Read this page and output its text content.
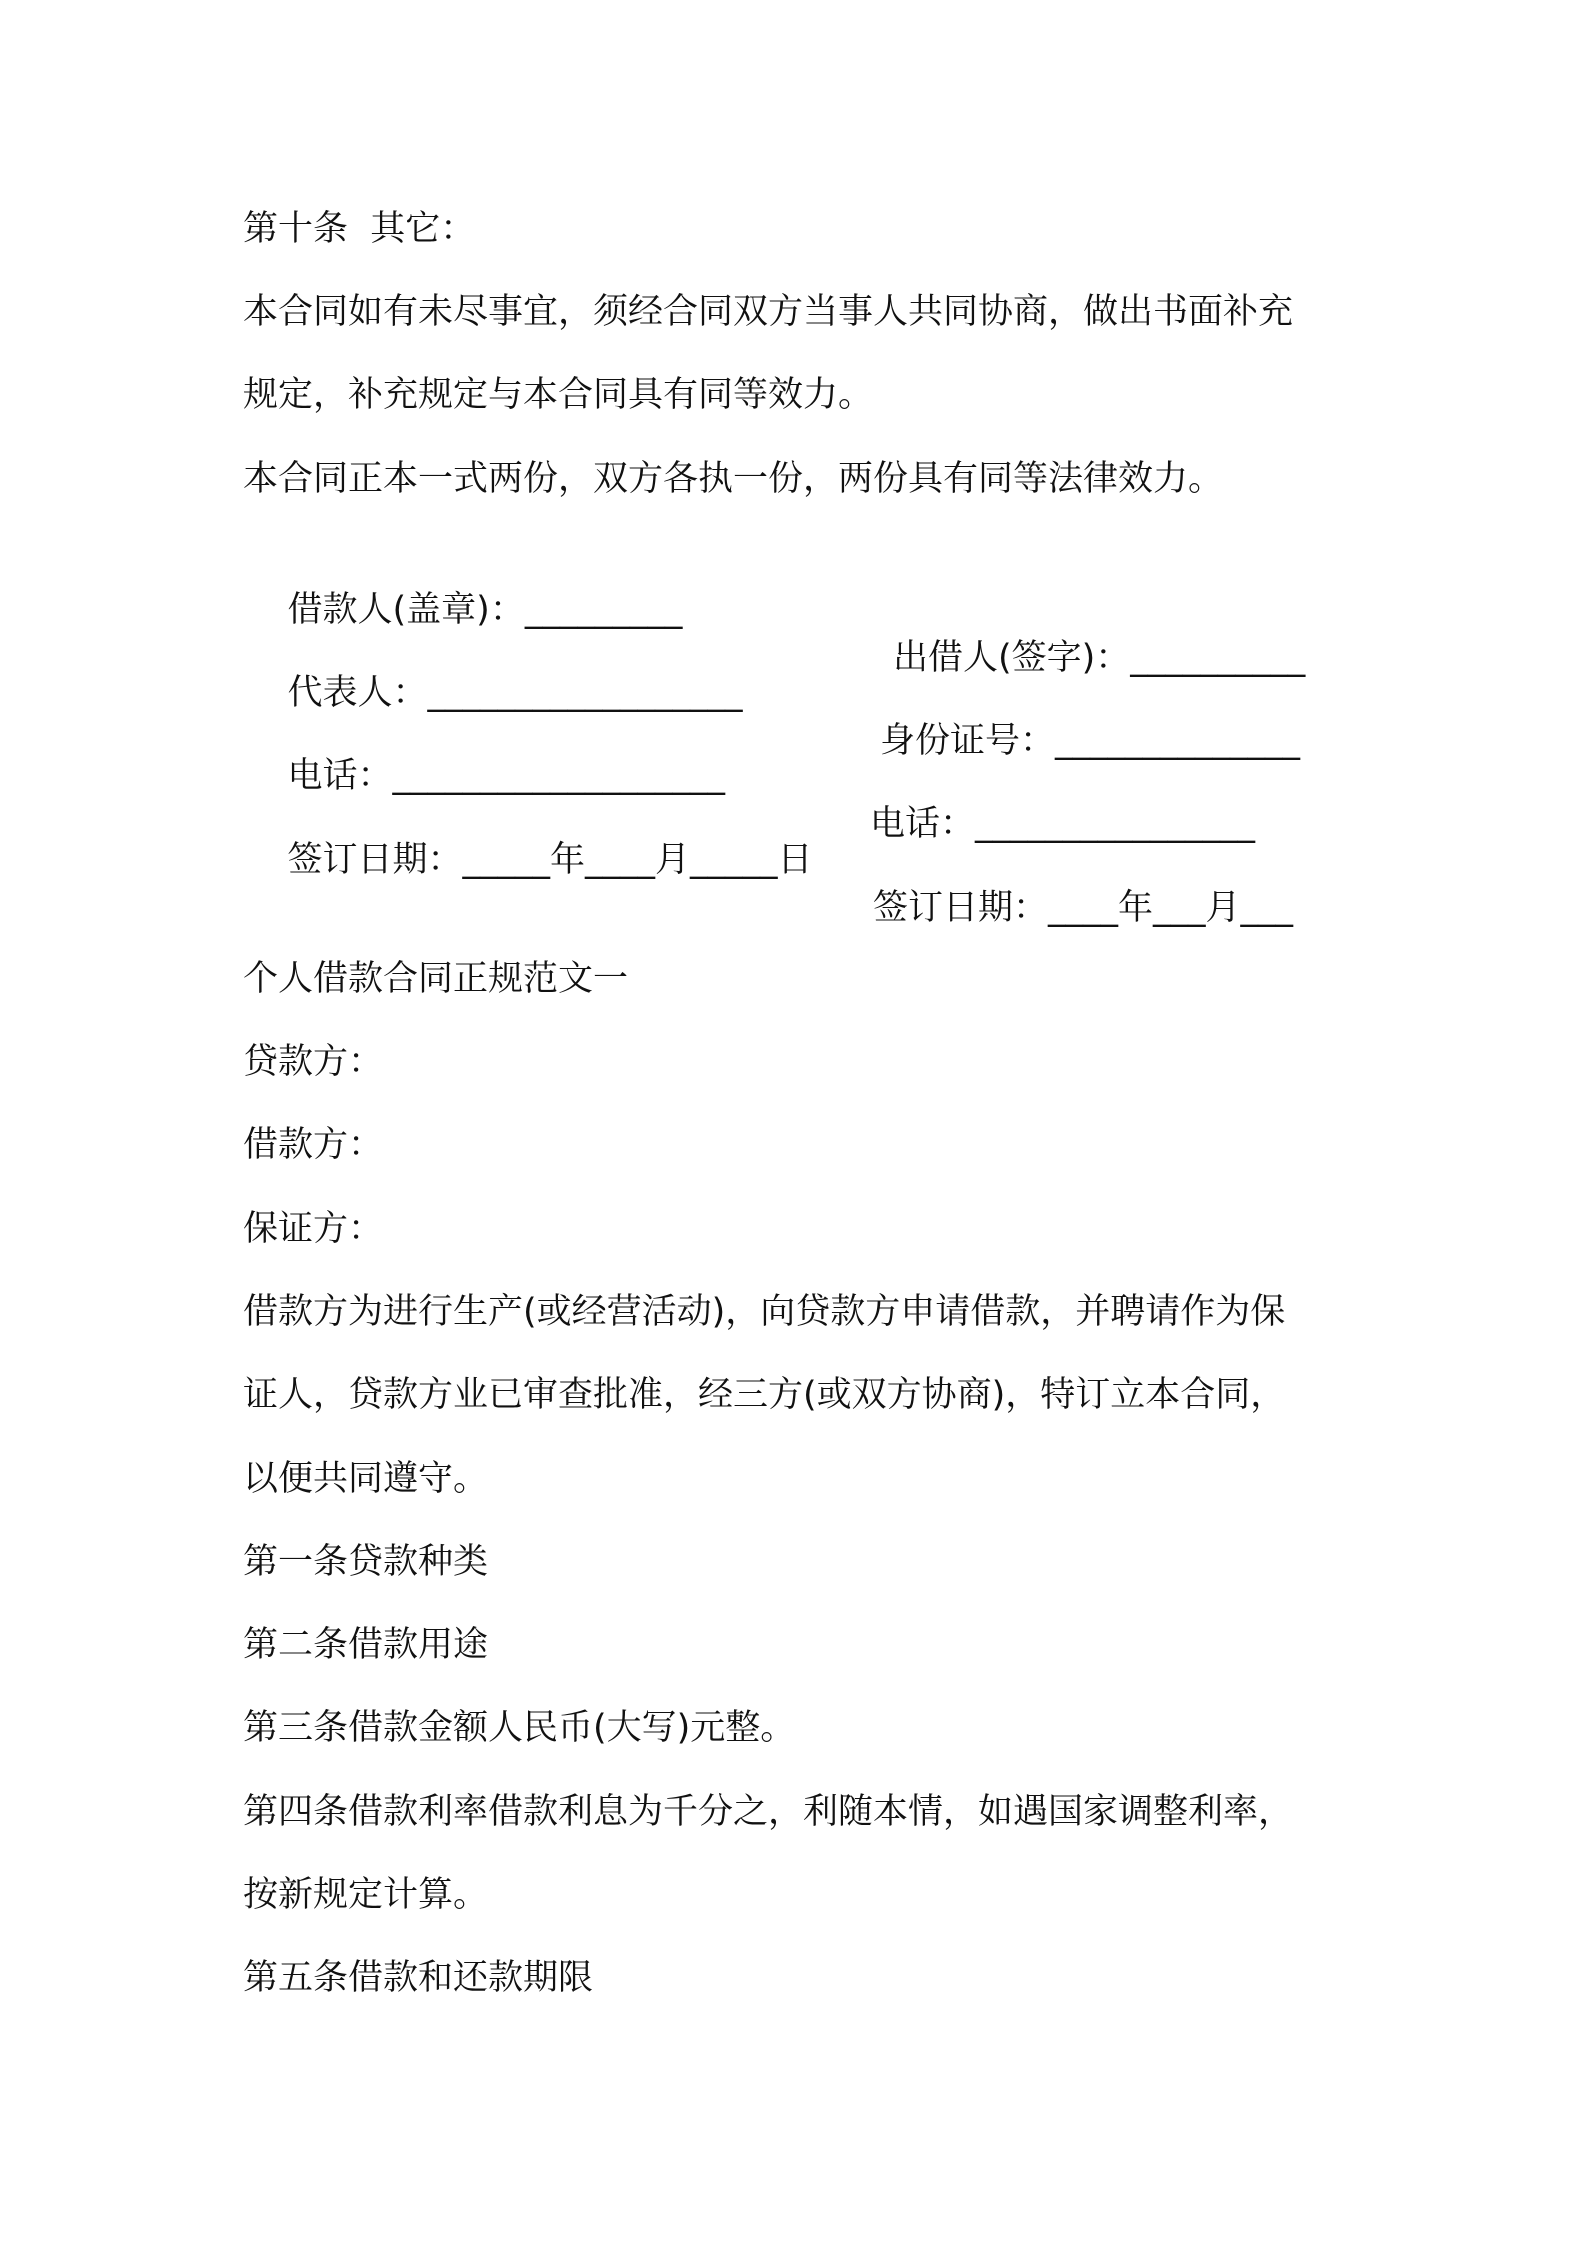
第十条  其它：
本合同如有未尽事宜，须经合同双方当事人共同协商，做出书面补充
规定，补充规定与本合同具有同等效力。
本合同正本一式两份，双方各执一份，两份具有同等法律效力。

借款人(盖章)：_________

出借人(签字)：__________

代表人：__________________

身份证号：______________

电话：___________________

电话：________________

签订日期：_____年____月_____日

签订日期：____年___月___

个人借款合同正规范文一
贷款方：
借款方：
保证方：
借款方为进行生产(或经营活动)，向贷款方申请借款，并聘请作为保
证人，贷款方业已审查批准，经三方(或双方协商)，特订立本合同，
以便共同遵守。
第一条贷款种类
第二条借款用途
第三条借款金额人民币(大写)元整。
第四条借款利率借款利息为千分之，利随本情，如遇国家调整利率，
按新规定计算。
第五条借款和还款期限
